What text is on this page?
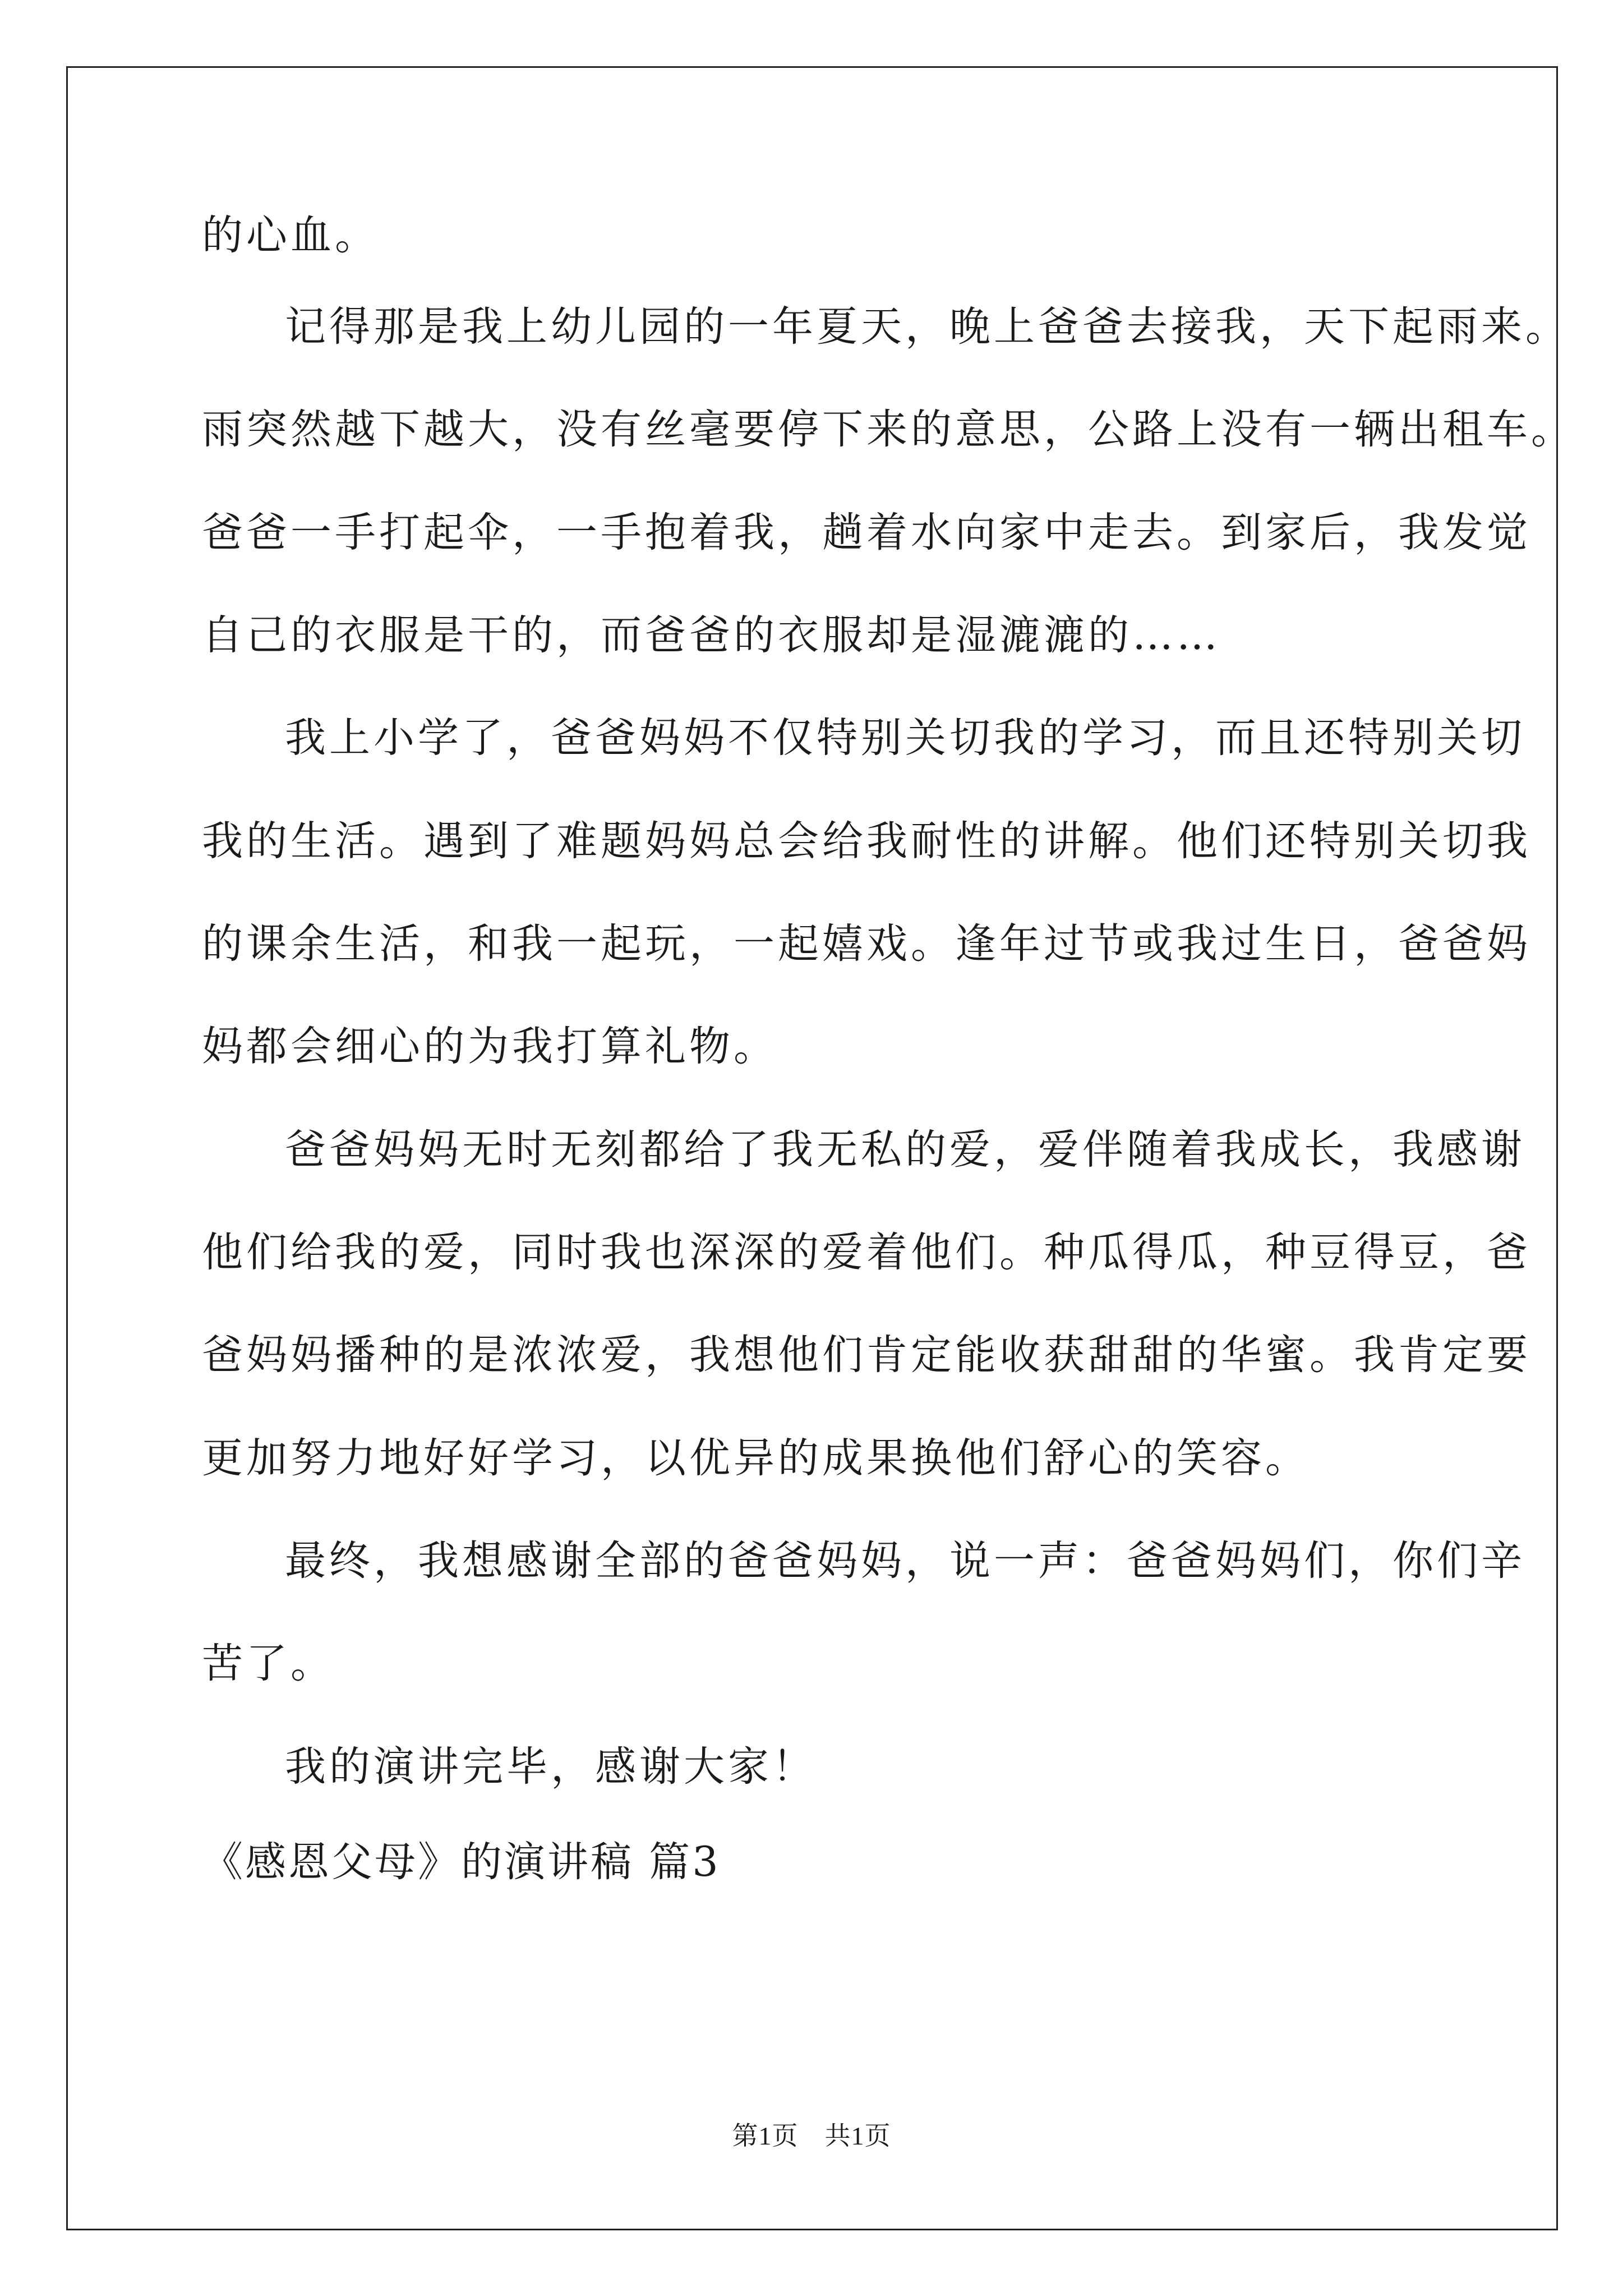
的心血。
记得那是我上幼儿园的一年夏天，晚上爸爸去接我，天下起雨来。
雨突然越下越大，没有丝毫要停下来的意思，公路上没有一辆出租车。
爸爸一手打起伞，一手抱着我，趟着水向家中走去。到家后，我发觉
自己的衣服是干的，而爸爸的衣服却是湿漉漉的……
我上小学了，爸爸妈妈不仅特别关切我的学习，而且还特别关切
我的生活。遇到了难题妈妈总会给我耐性的讲解。他们还特别关切我
的课余生活，和我一起玩，一起嬉戏。逢年过节或我过生日，爸爸妈
妈都会细心的为我打算礼物。
爸爸妈妈无时无刻都给了我无私的爱，爱伴随着我成长，我感谢
他们给我的爱，同时我也深深的爱着他们。种瓜得瓜，种豆得豆，爸
爸妈妈播种的是浓浓爱，我想他们肯定能收获甜甜的华蜜。我肯定要
更加努力地好好学习，以优异的成果换他们舒心的笑容。
最终，我想感谢全部的爸爸妈妈，说一声：爸爸妈妈们，你们辛
苦了。
我的演讲完毕，感谢大家！
《感恩父母》的演讲稿 篇3
第1页　共1页
